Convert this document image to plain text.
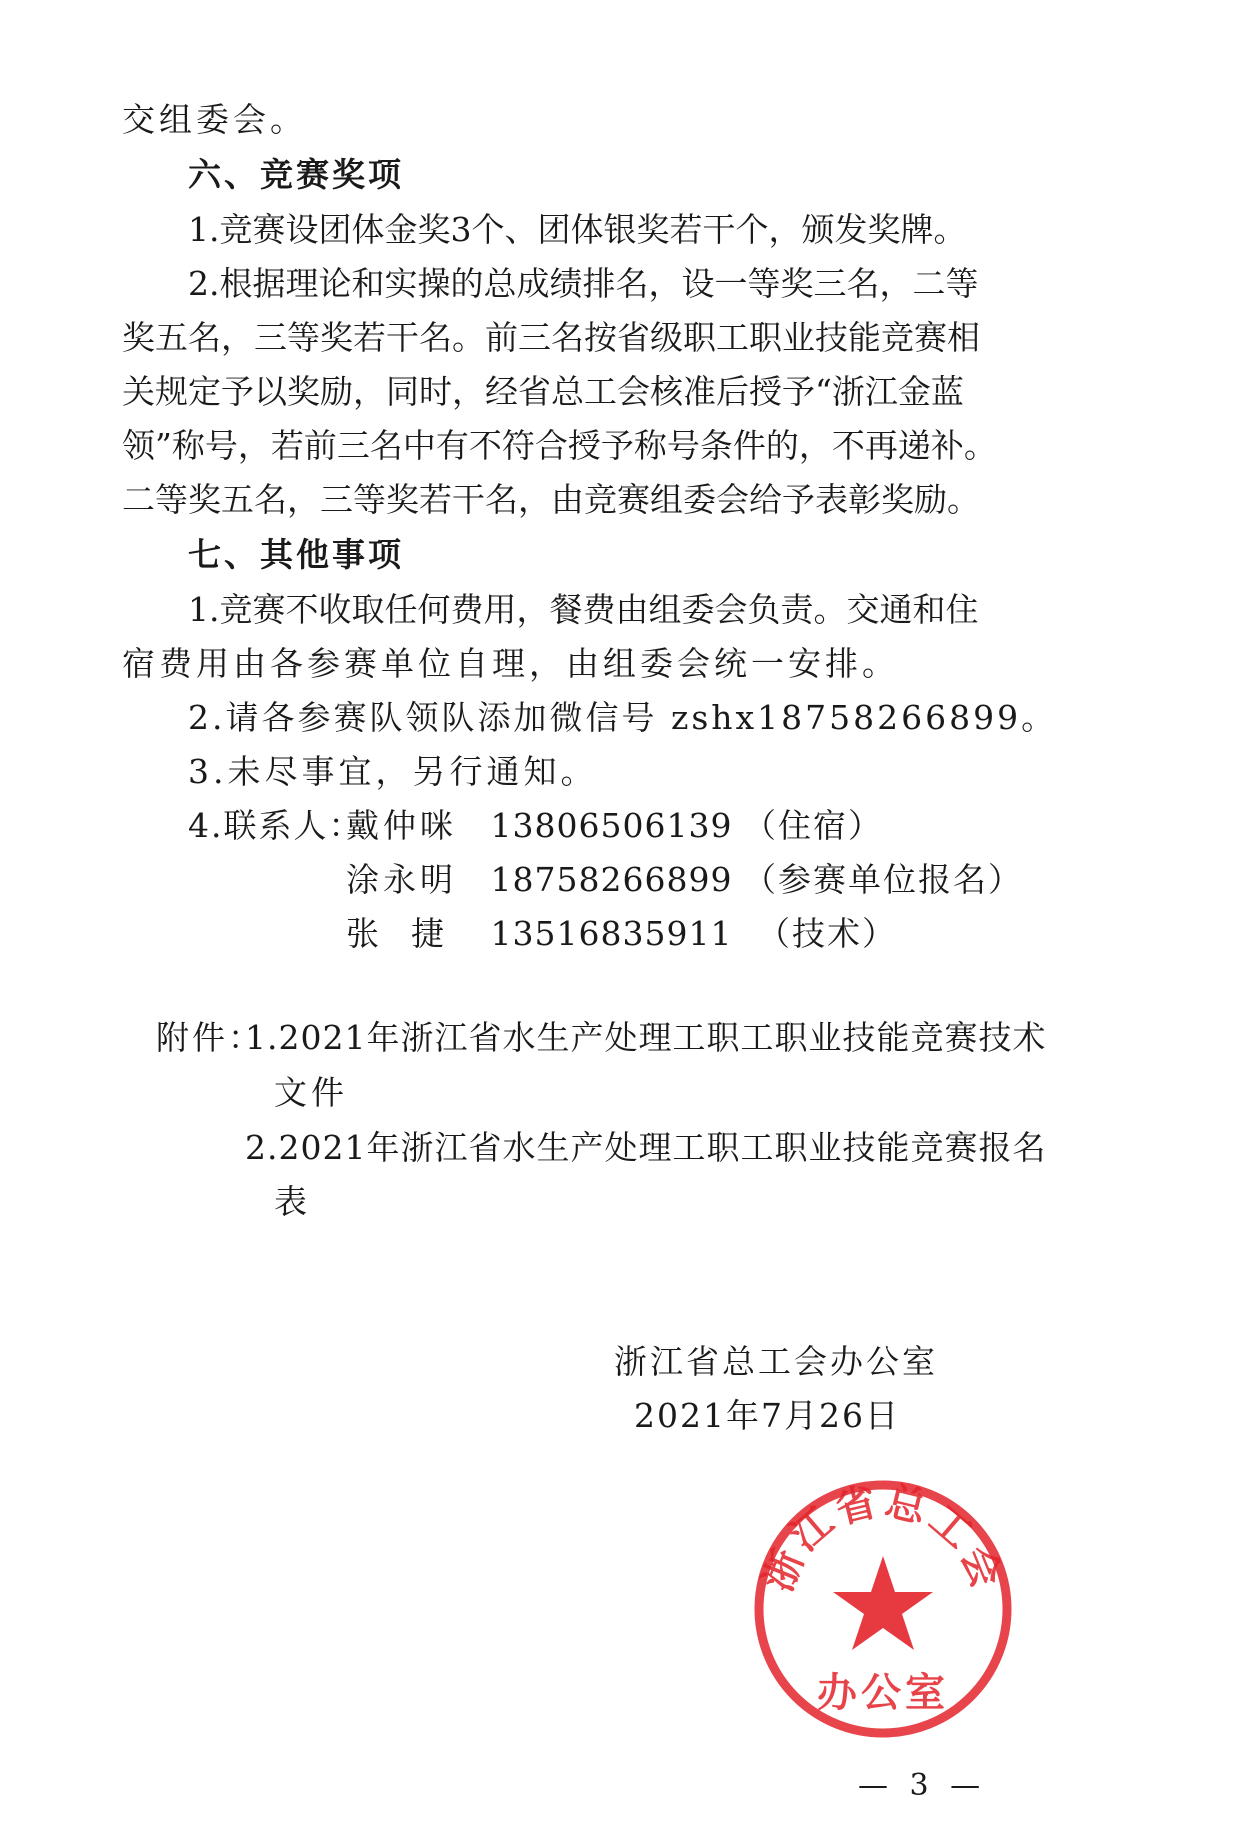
交组委会。
六、竞赛奖项
1.竞赛设团体金奖3个、团体银奖若干个，颁发奖牌。
2.根据理论和实操的总成绩排名，设一等奖三名，二等
奖五名，三等奖若干名。前三名按省级职工职业技能竞赛相
关规定予以奖励，同时，经省总工会核准后授予“浙江金蓝
领”称号，若前三名中有不符合授予称号条件的，不再递补。
二等奖五名，三等奖若干名，由竞赛组委会给予表彰奖励。
七、其他事项
1.竞赛不收取任何费用，餐费由组委会负责。交通和住
宿费用由各参赛单位自理，由组委会统一安排。
2.请各参赛队领队添加微信号 zshx18758266899。
3.未尽事宜，另行通知。
4.联系人：
戴仲咪 13806506139 （住宿）
涂永明 18758266899 （参赛单位报名）
张捷 13516835911 （技术）
附件：
1.2021年浙江省水生产处理工职工职业技能竞赛技术
文件
2.2021年浙江省水生产处理工职工职业技能竞赛报名
表
浙江省总工会
办公室
浙江省总工会办公室
2021年7月26日
— 3 —
